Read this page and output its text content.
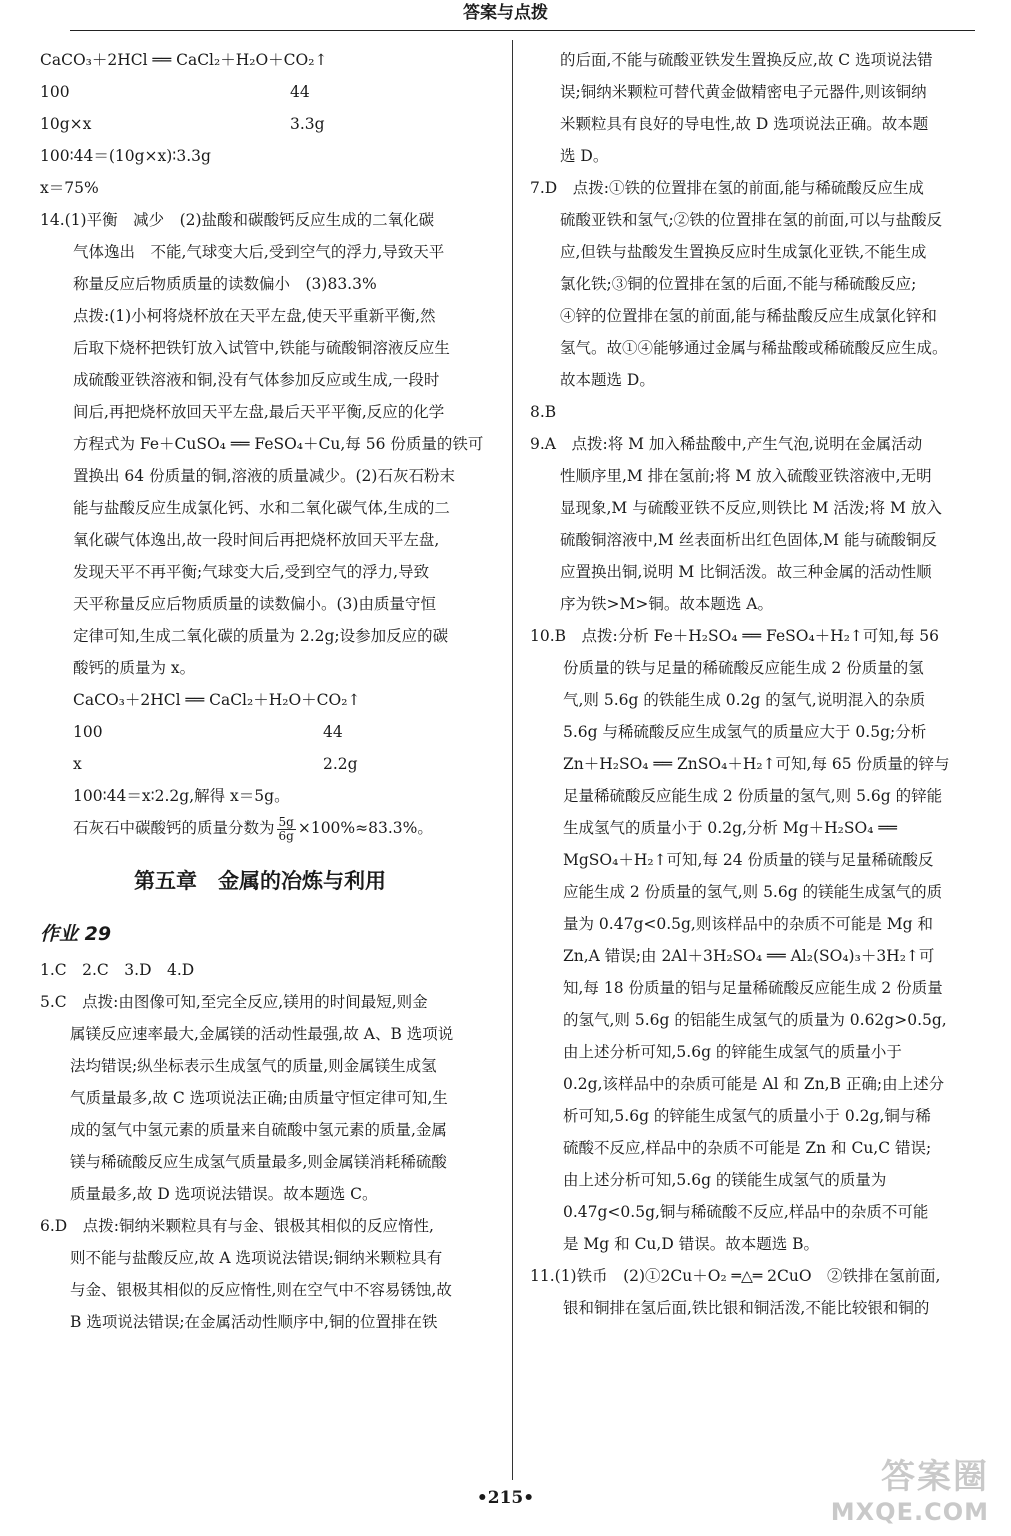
答案与点拨
CaCO₃＋2HCl ══ CaCl₂＋H₂O＋CO₂↑
100	44
10g×x	3.3g
100∶44＝(10g×x)∶3.3g
x＝75%
14.(1)平衡　减少　(2)盐酸和碳酸钙反应生成的二氧化碳
气体逸出　不能,气球变大后,受到空气的浮力,导致天平
称量反应后物质质量的读数偏小　(3)83.3%
点拨:(1)小柯将烧杯放在天平左盘,使天平重新平衡,然
后取下烧杯把铁钉放入试管中,铁能与硫酸铜溶液反应生
成硫酸亚铁溶液和铜,没有气体参加反应或生成,一段时
间后,再把烧杯放回天平左盘,最后天平平衡,反应的化学
方程式为 Fe＋CuSO₄ ══ FeSO₄＋Cu,每 56 份质量的铁可
置换出 64 份质量的铜,溶液的质量减少。(2)石灰石粉末
能与盐酸反应生成氯化钙、水和二氧化碳气体,生成的二
氧化碳气体逸出,故一段时间后再把烧杯放回天平左盘,
发现天平不再平衡;气球变大后,受到空气的浮力,导致
天平称量反应后物质质量的读数偏小。(3)由质量守恒
定律可知,生成二氧化碳的质量为 2.2g;设参加反应的碳
酸钙的质量为 x。
CaCO₃＋2HCl ══ CaCl₂＋H₂O＋CO₂↑
100	44
x	2.2g
100∶44＝x∶2.2g,解得 x＝5g。
石灰石中碳酸钙的质量分数为 $\frac{5g}{6g} \times 100\%\approx 83.3\%$。
第五章　金属的冶炼与利用
作业 29
1.C　2.C　3.D　4.D
5.C　点拨:由图像可知,至完全反应,镁用的时间最短,则金
属镁反应速率最大,金属镁的活动性最强,故 A、B 选项说
法均错误;纵坐标表示生成氢气的质量,则金属镁生成氢
气质量最多,故 C 选项说法正确;由质量守恒定律可知,生
成的氢气中氢元素的质量来自硫酸中氢元素的质量,金属
镁与稀硫酸反应生成氢气质量最多,则金属镁消耗稀硫酸
质量最多,故 D 选项说法错误。故本题选 C。
6.D　点拨:铜纳米颗粒具有与金、银极其相似的反应惰性,
则不能与盐酸反应,故 A 选项说法错误;铜纳米颗粒具有
与金、银极其相似的反应惰性,则在空气中不容易锈蚀,故
B 选项说法错误;在金属活动性顺序中,铜的位置排在铁
的后面,不能与硫酸亚铁发生置换反应,故 C 选项说法错
误;铜纳米颗粒可替代黄金做精密电子元器件,则该铜纳
米颗粒具有良好的导电性,故 D 选项说法正确。故本题
选 D。
7.D　点拨:①铁的位置排在氢的前面,能与稀硫酸反应生成
硫酸亚铁和氢气;②铁的位置排在氢的前面,可以与盐酸反
应,但铁与盐酸发生置换反应时生成氯化亚铁,不能生成
氯化铁;③铜的位置排在氢的后面,不能与稀硫酸反应;
④锌的位置排在氢的前面,能与稀盐酸反应生成氯化锌和
氢气。故①④能够通过金属与稀盐酸或稀硫酸反应生成。
故本题选 D。
8.B
9.A　点拨:将 M 加入稀盐酸中,产生气泡,说明在金属活动
性顺序里,M 排在氢前;将 M 放入硫酸亚铁溶液中,无明
显现象,M 与硫酸亚铁不反应,则铁比 M 活泼;将 M 放入
硫酸铜溶液中,M 丝表面析出红色固体,M 能与硫酸铜反
应置换出铜,说明 M 比铜活泼。故三种金属的活动性顺
序为铁>M>铜。故本题选 A。
10.B　点拨:分析 Fe＋H₂SO₄ ══ FeSO₄＋H₂↑可知,每 56
份质量的铁与足量的稀硫酸反应能生成 2 份质量的氢
气,则 5.6g 的铁能生成 0.2g 的氢气,说明混入的杂质
5.6g 与稀硫酸反应生成氢气的质量应大于 0.5g;分析
Zn＋H₂SO₄ ══ ZnSO₄＋H₂↑可知,每 65 份质量的锌与
足量稀硫酸反应能生成 2 份质量的氢气,则 5.6g 的锌能
生成氢气的质量小于 0.2g,分析 Mg＋H₂SO₄ ══
MgSO₄＋H₂↑可知,每 24 份质量的镁与足量稀硫酸反
应能生成 2 份质量的氢气,则 5.6g 的镁能生成氢气的质
量为 0.47g<0.5g,则该样品中的杂质不可能是 Mg 和
Zn,A 错误;由 2Al＋3H₂SO₄ ══ Al₂(SO₄)₃＋3H₂↑可
知,每 18 份质量的铝与足量稀硫酸反应能生成 2 份质量
的氢气,则 5.6g 的铝能生成氢气的质量为 0.62g>0.5g,
由上述分析可知,5.6g 的锌能生成氢气的质量小于
0.2g,该样品中的杂质可能是 Al 和 Zn,B 正确;由上述分
析可知,5.6g 的锌能生成氢气的质量小于 0.2g,铜与稀
硫酸不反应,样品中的杂质不可能是 Zn 和 Cu,C 错误;
由上述分析可知,5.6g 的镁能生成氢气的质量为
0.47g<0.5g,铜与稀硫酸不反应,样品中的杂质不可能
是 Mg 和 Cu,D 错误。故本题选 B。
11.(1)铁币　(2)①2Cu＋O₂ ═△═ 2CuO　②铁排在氢前面,
银和铜排在氢后面,铁比银和铜活泼,不能比较银和铜的
•215•
答案圈
MXQE.COM
